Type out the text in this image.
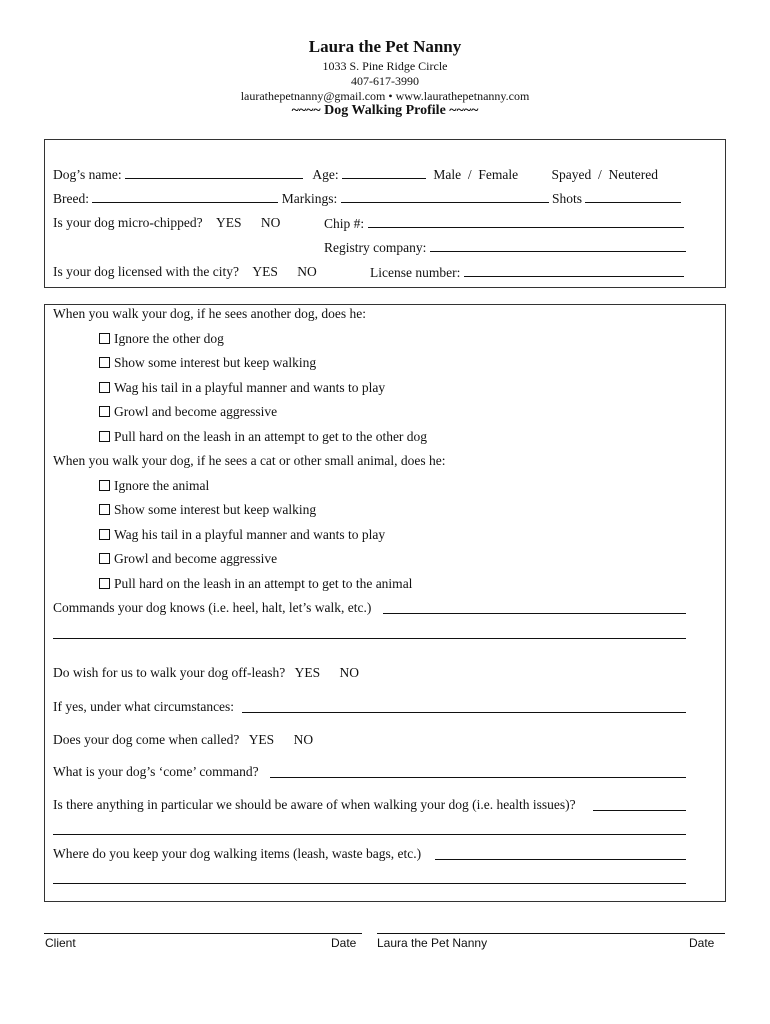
Laura the Pet Nanny
1033 S. Pine Ridge Circle
407-617-3990
laurathepetnanny@gmail.com • www.laurathepetnanny.com
~~~~ Dog Walking Profile ~~~~
Dog’s name:	Age:	Male  /  Female Spayed  /  Neutered
Breed:	Markings:	Shots
Is your dog micro-chipped? YES NO	Chip #:
Registry company:
Is your dog licensed with the city? YES NO	License number:
When you walk your dog, if he sees another dog, does he:
Ignore the other dog
Show some interest but keep walking
Wag his tail in a playful manner and wants to play
Growl and become aggressive
Pull hard on the leash in an attempt to get to the other dog
When you walk your dog, if he sees a cat or other small animal, does he:
Ignore the animal
Show some interest but keep walking
Wag his tail in a playful manner and wants to play
Growl and become aggressive
Pull hard on the leash in an attempt to get to the animal
Commands your dog knows (i.e. heel, halt, let’s walk, etc.)
Do wish for us to walk your dog off-leash? YES NO
If yes, under what circumstances:
Does your dog come when called? YES NO
What is your dog’s ‘come’ command?
Is there anything in particular we should be aware of when walking your dog (i.e. health issues)?
Where do you keep your dog walking items (leash, waste bags, etc.)
Client	Date Laura the Pet Nanny	Date
